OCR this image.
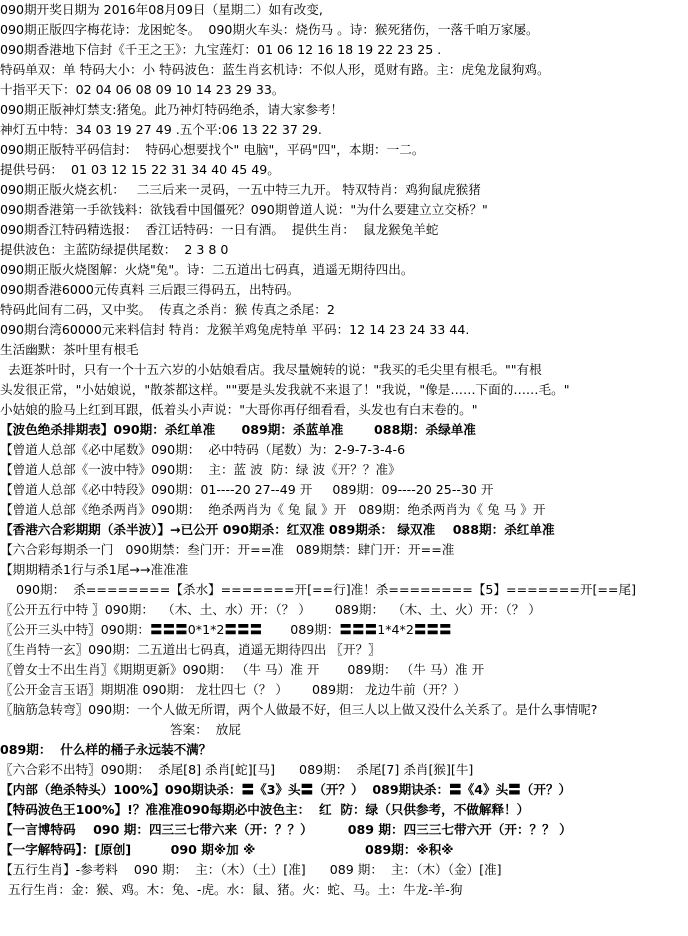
090期开奖日期为 2016年08月09日（星期二）如有改变,
090期正版四字梅花诗：龙困蛇冬。  090期火车头：烧伤马 。诗：猴死猪伤，一落千咱万家屡。
090期香港地下信封《千王之王》：九宝莲灯：01 06 12 16 18 19 22 23 25 .
特码单双：单 特码大小：小 特码波色：蓝生肖玄机诗：不似人形，觅财有路。主：虎兔龙鼠狗鸡。
十指平天下：02 04 06 08 09 10 14 23 29 33。
090期正版神灯禁支:猪兔。此乃神灯特码绝杀，请大家参考！
神灯五中特：34 03 19 27 49 .五个平:06 13 22 37 29.
090期正版特平码信封：  特码心想要找个" 电脑"，平码"四"，本期：一二。
提供号码：  01 03 12 15 22 31 34 40 45 49。
090期正版火烧玄机：   二三后来一灵码，一五中特三九开。 特双特肖：鸡狗鼠虎猴猪
090期香港第一手欲钱料：欲钱看中国僵死？090期曾道人说："为什么要建立立交桥？"
090期香江特码精选报：  香江话特码：一日有酒。  提供生肖：  鼠龙猴兔羊蛇
提供波色：主蓝防绿提供尾数：  2 3 8 0
090期正版火烧图解：火烧"兔"。诗：二五道出七码真，逍遥无期待四出。
090期香港6000元传真料 三后跟三得码五，出特码。
特码此间有二码，又中奖。  传真之杀肖：猴 传真之杀尾：2
090期台湾60000元来料信封 特肖：龙猴羊鸡兔虎特单 平码：12 14 23 24 33 44.
生活幽默：茶叶里有根毛
去逛茶叶时，只有一个十五六岁的小姑娘看店。我尽量婉转的说："我买的毛尖里有根毛。""有根
头发很正常，"小姑娘说，"散茶都这样。""要是头发我就不来退了！"我说，"像是……下面的……毛。"
小姑娘的脸马上红到耳跟，低着头小声说："大哥你再仔细看看，头发也有白末卷的。"
【波色绝杀排期表】090期：杀红单准      089期：杀蓝单准       088期：杀绿单准
【曾道人总部《必中尾数》090期：  必中特码（尾数）为：2-9-7-3-4-6
【曾道人总部《一波中特》090期：  主：蓝 波  防：绿 波《开？？准》
【曾道人总部《必中特段》090期：01----20 27--49 开     089期：09----20 25--30 开
【曾道人总部《绝杀两肖》090期：  绝杀两肖为《 兔 鼠 》开   089期：绝杀两肖为《 兔 马 》开
【香港六合彩期期（杀半波）】→已公开 090期杀：红双准 089期杀： 绿双准    088期：杀红单准
【六合彩每期杀一门   090期禁：叁门开：开==准   089期禁：肆门开：开==准
【期期精杀1行与杀1尾→→准准准
090期：  杀========【杀水】=======开[==行]准！杀========【5】=======开[==尾]
〖公开五行中特 〗090期：  （木、土、水）开：（？ ）      089期：  （木、土、火）开：（？ ）
〖公开三头中特〗090期：〓〓〓0*1*2〓〓〓       089期：〓〓〓1*4*2〓〓〓
〖生肖特一玄〗090期：二五道出七码真，逍遥无期待四出 〖开？〗
〖曾女士不出生肖〗《期期更新》090期： （牛 马）准 开       089期： （牛 马）准 开
〖公开金言玉语〗期期准 090期： 龙壮四七（？ ）      089期： 龙边牛前（开？）
〖脑筋急转弯〗090期：一个人做无所谓，两个人做最不好，但三人以上做又没什么关系了。是什么事情呢?
答案：  放屁
089期：  什么样的桶子永远装不满？
〖六合彩不出特〗090期：  杀尾[8] 杀肖[蛇][马]      089期：  杀尾[7] 杀肖[猴][牛]
【内部（绝杀特头）100%】090期诀杀：〓《3》头〓（开？）  089期诀杀：〓《4》头〓（开？）
【特码波色王100%】!？准准准090每期必中波色主：  红  防：绿（只供参考，不做解释！）
【一言博特码    090 期：四三三七带六来（开：？？）        089 期：四三三七带六开（开：？？ ）
【一字解特码】：[原创]         090 期※加 ※                         089期：※积※
【五行生肖】-参考料    090 期：  主：（木）（土）[准]      089 期：  主：（木）（金）[准]
五行生肖：金：猴、鸡。木：兔、-虎。水：鼠、猪。火：蛇、马。土：牛龙-羊-狗
